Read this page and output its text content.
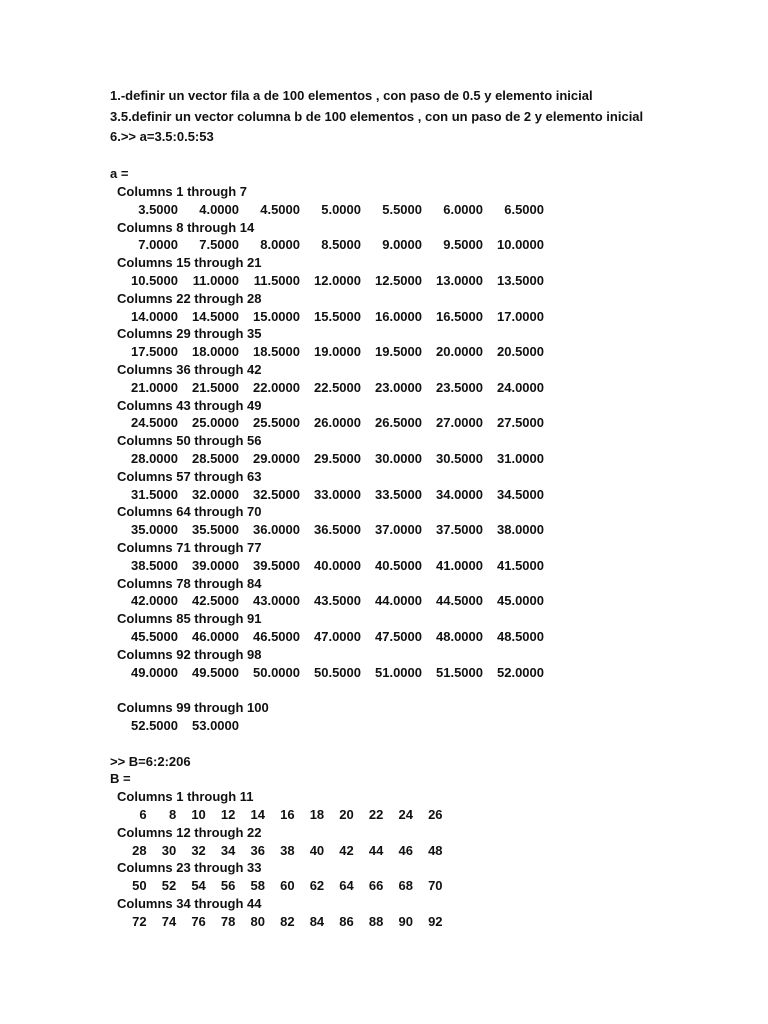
1.-definir un vector fila a de 100 elementos , con paso de 0.5 y elemento inicial
3.5.definir un vector columna b de 100 elementos , con un paso de 2 y elemento inicial
6.>> a=3.5:0.5:53
a =
Columns 1 through 7
3.5000	4.0000	4.5000	5.0000	5.5000	6.0000	6.5000
Columns 8 through 14
7.0000	7.5000	8.0000	8.5000	9.0000	9.5000	10.0000
Columns 15 through 21
10.5000	11.0000	11.5000	12.0000	12.5000	13.0000	13.5000
Columns 22 through 28
14.0000	14.5000	15.0000	15.5000	16.0000	16.5000	17.0000
Columns 29 through 35
17.5000	18.0000	18.5000	19.0000	19.5000	20.0000	20.5000
Columns 36 through 42
21.0000	21.5000	22.0000	22.5000	23.0000	23.5000	24.0000
Columns 43 through 49
24.5000	25.0000	25.5000	26.0000	26.5000	27.0000	27.5000
Columns 50 through 56
28.0000	28.5000	29.0000	29.5000	30.0000	30.5000	31.0000
Columns 57 through 63
31.5000	32.0000	32.5000	33.0000	33.5000	34.0000	34.5000
Columns 64 through 70
35.0000	35.5000	36.0000	36.5000	37.0000	37.5000	38.0000
Columns 71 through 77
38.5000	39.0000	39.5000	40.0000	40.5000	41.0000	41.5000
Columns 78 through 84
42.0000	42.5000	43.0000	43.5000	44.0000	44.5000	45.0000
Columns 85 through 91
45.5000	46.0000	46.5000	47.0000	47.5000	48.0000	48.5000
Columns 92 through 98
49.0000	49.5000	50.0000	50.5000	51.0000	51.5000	52.0000
Columns 99 through 100
52.5000	53.0000
>> B=6:2:206
B =
Columns 1 through 11
6	8	10	12	14	16	18	20	22	24	26
Columns 12 through 22
28	30	32	34	36	38	40	42	44	46	48
Columns 23 through 33
50	52	54	56	58	60	62	64	66	68	70
Columns 34 through 44
72	74	76	78	80	82	84	86	88	90	92
